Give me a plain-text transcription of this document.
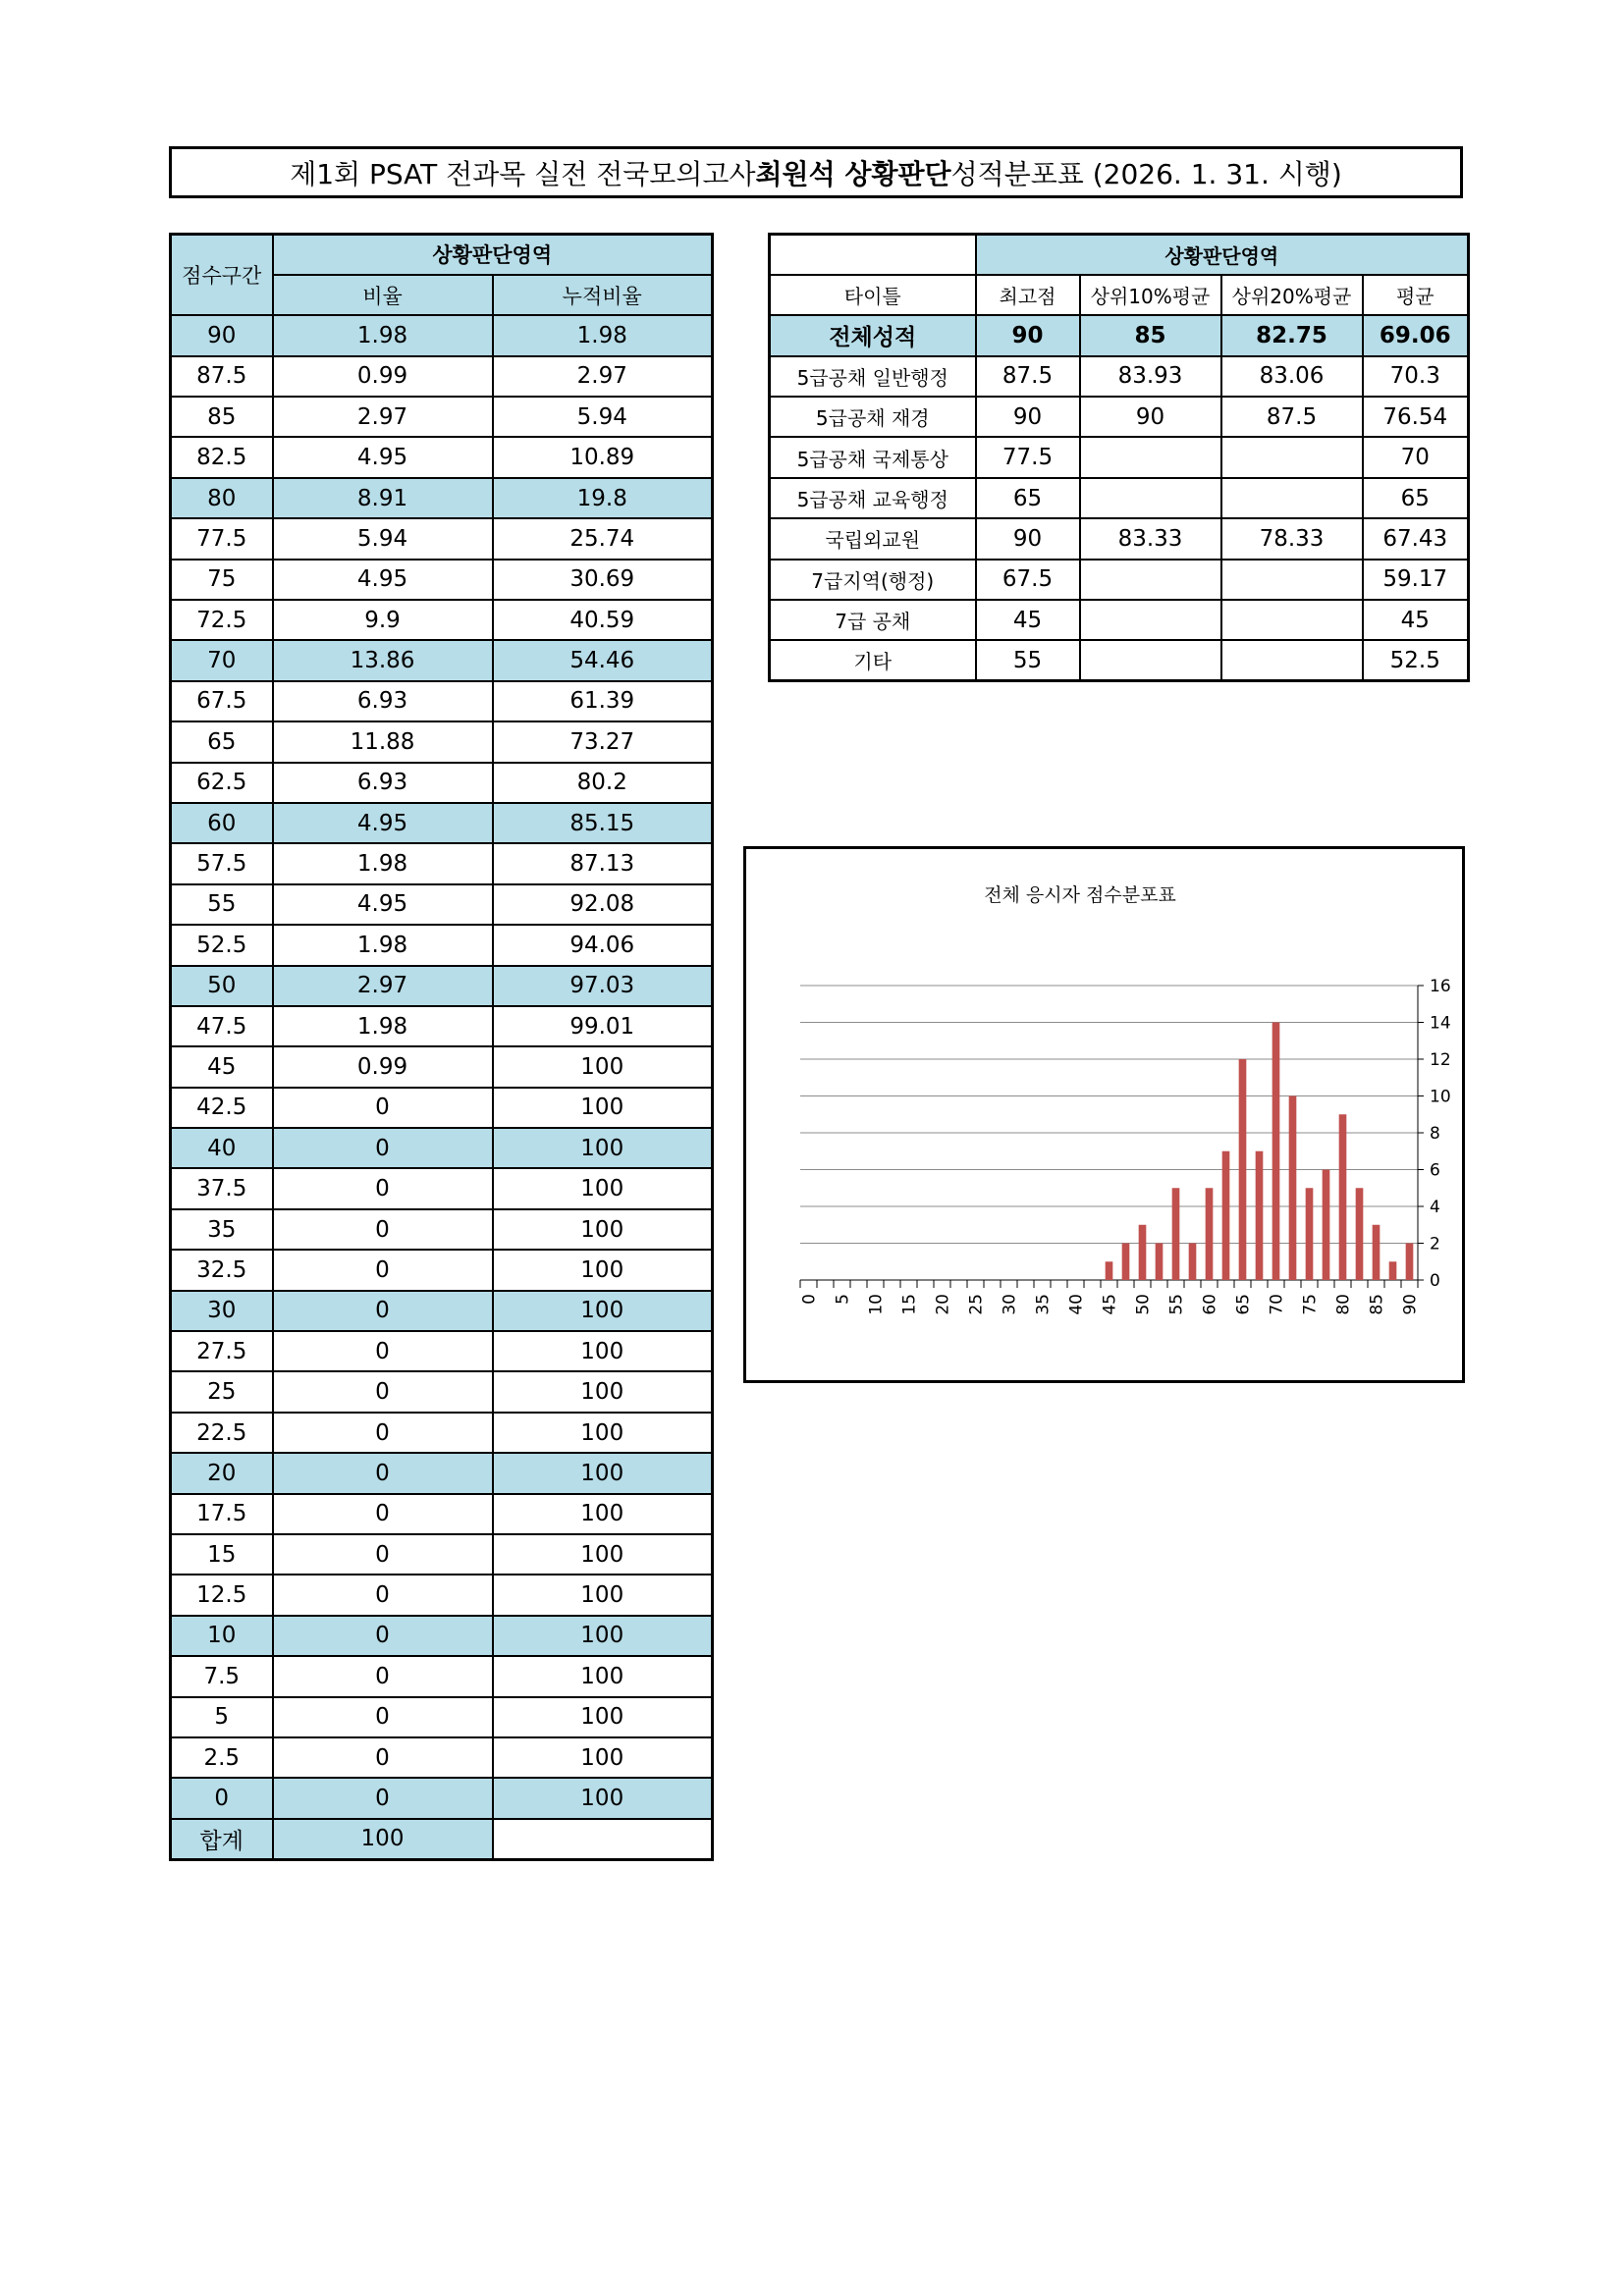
제1회 PSAT 전과목 실전 전국모의고사 최원석 상황판단 성적분포표 (2026. 1. 31. 시행)
점수구간	상황판단영역	
	비율	누적비율
90	1.98	1.98
87.5	0.99	2.97
85	2.97	5.94
82.5	4.95	10.89
80	8.91	19.8
77.5	5.94	25.74
75	4.95	30.69
72.5	9.9	40.59
70	13.86	54.46
67.5	6.93	61.39
65	11.88	73.27
62.5	6.93	80.2
60	4.95	85.15
57.5	1.98	87.13
55	4.95	92.08
52.5	1.98	94.06
50	2.97	97.03
47.5	1.98	99.01
45	0.99	100
42.5	0	100
40	0	100
37.5	0	100
35	0	100
32.5	0	100
30	0	100
27.5	0	100
25	0	100
22.5	0	100
20	0	100
17.5	0	100
15	0	100
12.5	0	100
10	0	100
7.5	0	100
5	0	100
2.5	0	100
0	0	100
합계	100	
	상황판단영역			
타이틀	최고점	상위10%평균	상위20%평균	평균
전체성적	90	85	82.75	69.06
5급공채 일반행정	87.5	83.93	83.06	70.3
5급공채 재경	90	90	87.5	76.54
5급공채 국제통상	77.5			70
5급공채 교육행정	65			65
국립외교원	90	83.33	78.33	67.43
7급지역(행정)	67.5			59.17
7급 공채	45			45
기타	55			52.5
전체 응시자 점수분포표
0
2
4
6
8
10
12
14
16
0 5 10 15 20 25 30 35 40 45 50 55 60 65 70 75 80 85 90
